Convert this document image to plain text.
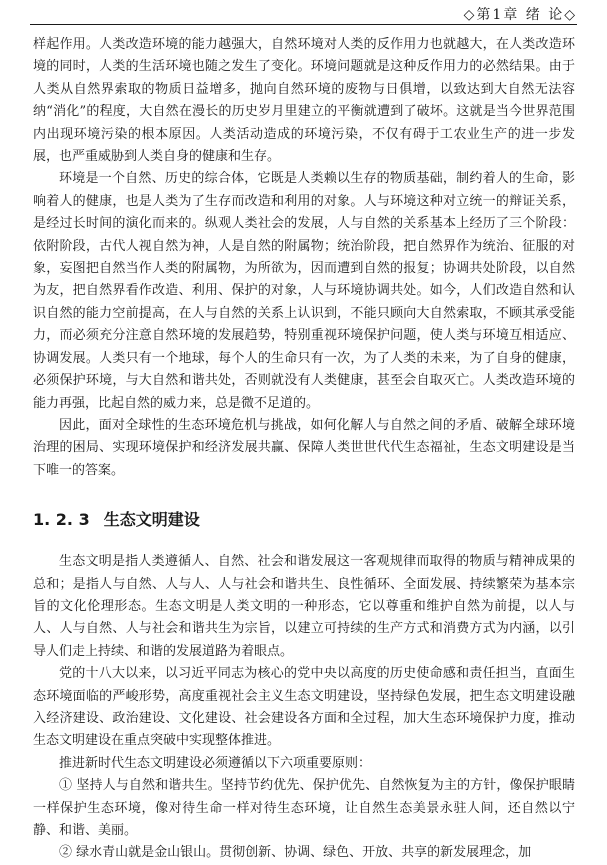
◇第1章 绪 论◇

样起作用。人类改造环境的能力越强大，自然环境对人类的反作用力也就越大，在人类改造环境的同时，人类的生活环境也随之发生了变化。环境问题就是这种反作用力的必然结果。由于人类从自然界索取的物质日益增多，抛向自然环境的废物与日俱增，以致达到大自然无法容纳“消化”的程度，大自然在漫长的历史岁月里建立的平衡就遭到了破坏。这就是当今世界范围内出现环境污染的根本原因。人类活动造成的环境污染，不仅有碍于工农业生产的进一步发展，也严重威胁到人类自身的健康和生存。

环境是一个自然、历史的综合体，它既是人类赖以生存的物质基础，制约着人的生命，影响着人的健康，也是人类为了生存而改造和利用的对象。人与环境这种对立统一的辩证关系，是经过长时间的演化而来的。纵观人类社会的发展，人与自然的关系基本上经历了三个阶段：依附阶段，古代人视自然为神，人是自然的附属物；统治阶段，把自然界作为统治、征服的对象，妄图把自然当作人类的附属物，为所欲为，因而遭到自然的报复；协调共处阶段，以自然为友，把自然界看作改造、利用、保护的对象，人与环境协调共处。如今，人们改造自然和认识自然的能力空前提高，在人与自然的关系上认识到，不能只顾向大自然索取，不顾其承受能力，而必须充分注意自然环境的发展趋势，特别重视环境保护问题，使人类与环境互相适应、协调发展。人类只有一个地球，每个人的生命只有一次，为了人类的未来，为了自身的健康，必须保护环境，与大自然和谐共处，否则就没有人类健康，甚至会自取灭亡。人类改造环境的能力再强，比起自然的威力来，总是微不足道的。

因此，面对全球性的生态环境危机与挑战，如何化解人与自然之间的矛盾、破解全球环境治理的困局、实现环境保护和经济发展共赢、保障人类世世代代生态福祉，生态文明建设是当下唯一的答案。

1. 2. 3 生态文明建设

生态文明是指人类遵循人、自然、社会和谐发展这一客观规律而取得的物质与精神成果的总和；是指人与自然、人与人、人与社会和谐共生、良性循环、全面发展、持续繁荣为基本宗旨的文化伦理形态。生态文明是人类文明的一种形态，它以尊重和维护自然为前提，以人与人、人与自然、人与社会和谐共生为宗旨，以建立可持续的生产方式和消费方式为内涵，以引导人们走上持续、和谐的发展道路为着眼点。

党的十八大以来，以习近平同志为核心的党中央以高度的历史使命感和责任担当，直面生态环境面临的严峻形势，高度重视社会主义生态文明建设，坚持绿色发展，把生态文明建设融入经济建设、政治建设、文化建设、社会建设各方面和全过程，加大生态环境保护力度，推动生态文明建设在重点突破中实现整体推进。

推进新时代生态文明建设必须遵循以下六项重要原则：

① 坚持人与自然和谐共生。坚持节约优先、保护优先、自然恢复为主的方针，像保护眼睛一样保护生态环境，像对待生命一样对待生态环境，让自然生态美景永驻人间，还自然以宁静、和谐、美丽。

② 绿水青山就是金山银山。贯彻创新、协调、绿色、开放、共享的新发展理念，加
